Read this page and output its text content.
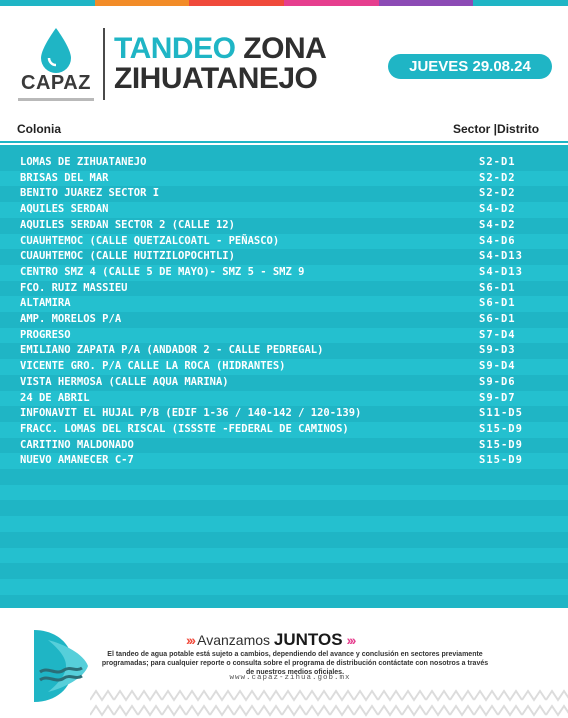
CAPAZ
TANDEO ZONA
ZIHUATANEJO	JUEVES 29.08.24
Colonia	Sector |Distrito
LOMAS DE ZIHUATANEJO	S2-D1
BRISAS DEL MAR	S2-D2
BENITO JUAREZ SECTOR I	S2-D2
AQUILES SERDAN	S4-D2
AQUILES SERDAN SECTOR 2 (CALLE 12)	S4-D2
CUAUHTEMOC (CALLE QUETZALCOATL - PEÑASCO)	S4-D6
CUAUHTEMOC (CALLE HUITZILOPOCHTLI)	S4-D13
CENTRO SMZ 4 (CALLE 5 DE MAYO)- SMZ 5 - SMZ 9	S4-D13
FCO. RUIZ MASSIEU	S6-D1
ALTAMIRA	S6-D1
AMP. MORELOS P/A	S6-D1
PROGRESO	S7-D4
EMILIANO ZAPATA P/A (ANDADOR 2 - CALLE PEDREGAL)	S9-D3
VICENTE GRO. P/A CALLE LA ROCA (HIDRANTES)	S9-D4
VISTA HERMOSA (CALLE AQUA MARINA)	S9-D6
24 DE ABRIL	S9-D7
INFONAVIT EL HUJAL P/B (EDIF 1-36 / 140-142 / 120-139)	S11-D5
FRACC. LOMAS DEL RISCAL (ISSSTE -FEDERAL DE CAMINOS)	S15-D9
CARITINO MALDONADO	S15-D9
NUEVO AMANECER C-7	S15-D9
››› Avanzamos JUNTOS ›››
El tandeo de agua potable está sujeto a cambios, dependiendo del avance y conclusión en sectores previamente programadas; para cualquier reporte o consulta sobre el programa de distribución contáctate con nosotros a través de nuestros medios oficiales.
www.capaz-zihua.gob.mx
